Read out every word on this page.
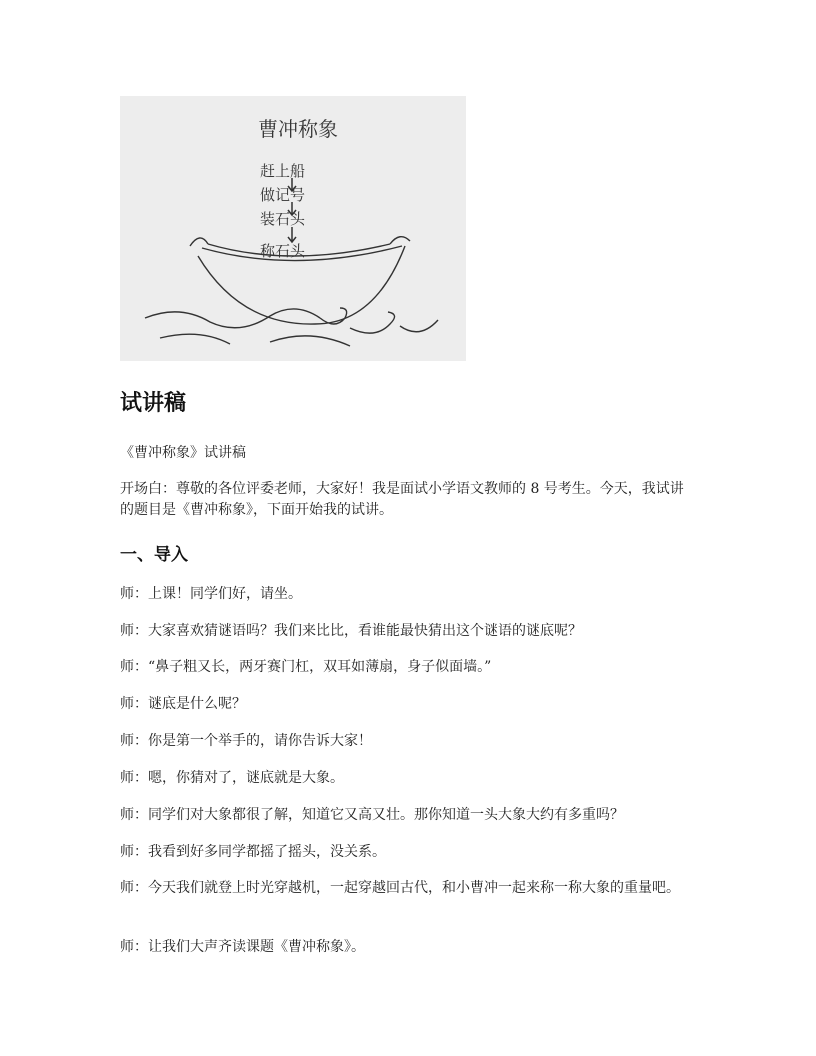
曹冲称象
赶上船
做记号
装石头
称石头
试讲稿
《曹冲称象》试讲稿
开场白：尊敬的各位评委老师，大家好！我是面试小学语文教师的 8 号考生。今天，我试讲 的题目是《曹冲称象》，下面开始我的试讲。
一、导入
师：上课！同学们好，请坐。
师：大家喜欢猜谜语吗？我们来比比，看谁能最快猜出这个谜语的谜底呢？
师：“鼻子粗又长，两牙赛门杠，双耳如薄扇，身子似面墙。”
师：谜底是什么呢？
师：你是第一个举手的，请你告诉大家！
师：嗯，你猜对了，谜底就是大象。
师：同学们对大象都很了解，知道它又高又壮。那你知道一头大象大约有多重吗？
师：我看到好多同学都摇了摇头，没关系。
师：今天我们就登上时光穿越机，一起穿越回古代，和小曹冲一起来称一称大象的重量吧。
师：让我们大声齐读课题《曹冲称象》。
